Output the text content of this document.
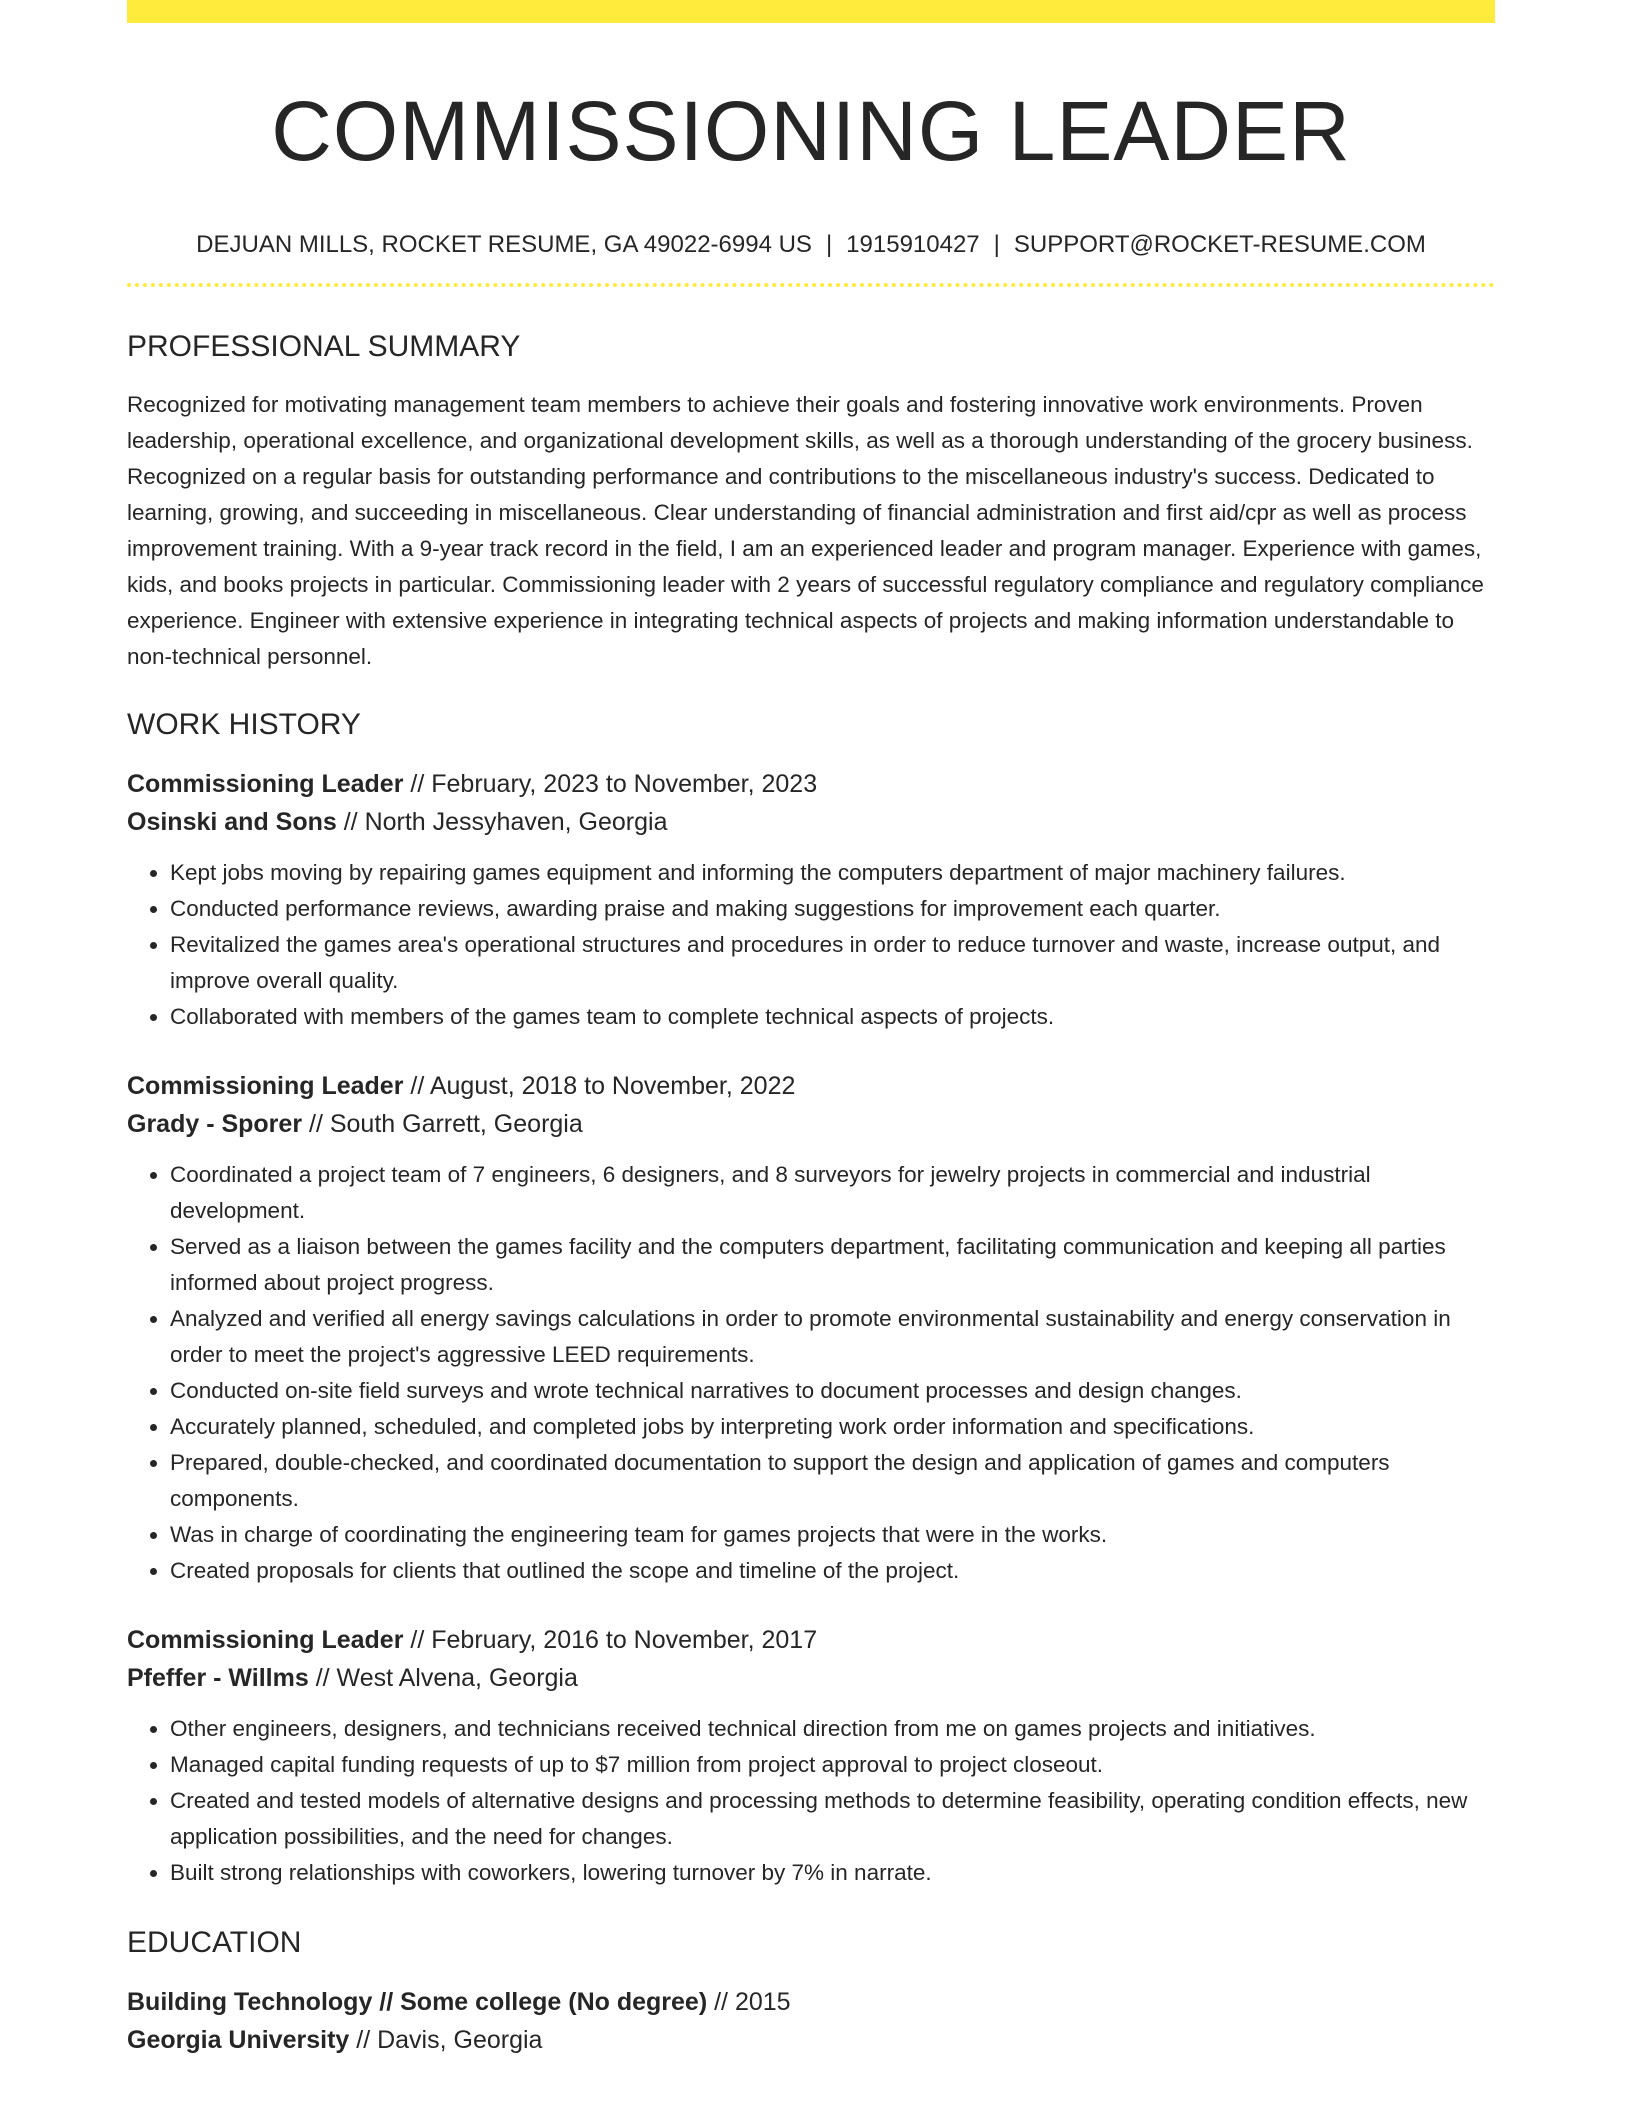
COMMISSIONING LEADER
DEJUAN MILLS, ROCKET RESUME, GA 49022-6994 US | 1915910427 | SUPPORT@ROCKET-RESUME.COM
PROFESSIONAL SUMMARY
Recognized for motivating management team members to achieve their goals and fostering innovative work environments. Proven leadership, operational excellence, and organizational development skills, as well as a thorough understanding of the grocery business. Recognized on a regular basis for outstanding performance and contributions to the miscellaneous industry's success. Dedicated to learning, growing, and succeeding in miscellaneous. Clear understanding of financial administration and first aid/cpr as well as process improvement training. With a 9-year track record in the field, I am an experienced leader and program manager. Experience with games, kids, and books projects in particular. Commissioning leader with 2 years of successful regulatory compliance and regulatory compliance experience. Engineer with extensive experience in integrating technical aspects of projects and making information understandable to non-technical personnel.
WORK HISTORY
Commissioning Leader // February, 2023 to November, 2023
Osinski and Sons // North Jessyhaven, Georgia
• Kept jobs moving by repairing games equipment and informing the computers department of major machinery failures.
• Conducted performance reviews, awarding praise and making suggestions for improvement each quarter.
• Revitalized the games area's operational structures and procedures in order to reduce turnover and waste, increase output, and improve overall quality.
• Collaborated with members of the games team to complete technical aspects of projects.
Commissioning Leader // August, 2018 to November, 2022
Grady - Sporer // South Garrett, Georgia
• Coordinated a project team of 7 engineers, 6 designers, and 8 surveyors for jewelry projects in commercial and industrial development.
• Served as a liaison between the games facility and the computers department, facilitating communication and keeping all parties informed about project progress.
• Analyzed and verified all energy savings calculations in order to promote environmental sustainability and energy conservation in order to meet the project's aggressive LEED requirements.
• Conducted on-site field surveys and wrote technical narratives to document processes and design changes.
• Accurately planned, scheduled, and completed jobs by interpreting work order information and specifications.
• Prepared, double-checked, and coordinated documentation to support the design and application of games and computers components.
• Was in charge of coordinating the engineering team for games projects that were in the works.
• Created proposals for clients that outlined the scope and timeline of the project.
Commissioning Leader // February, 2016 to November, 2017
Pfeffer - Willms // West Alvena, Georgia
• Other engineers, designers, and technicians received technical direction from me on games projects and initiatives.
• Managed capital funding requests of up to $7 million from project approval to project closeout.
• Created and tested models of alternative designs and processing methods to determine feasibility, operating condition effects, new application possibilities, and the need for changes.
• Built strong relationships with coworkers, lowering turnover by 7% in narrate.
EDUCATION
Building Technology // Some college (No degree) // 2015
Georgia University // Davis, Georgia
